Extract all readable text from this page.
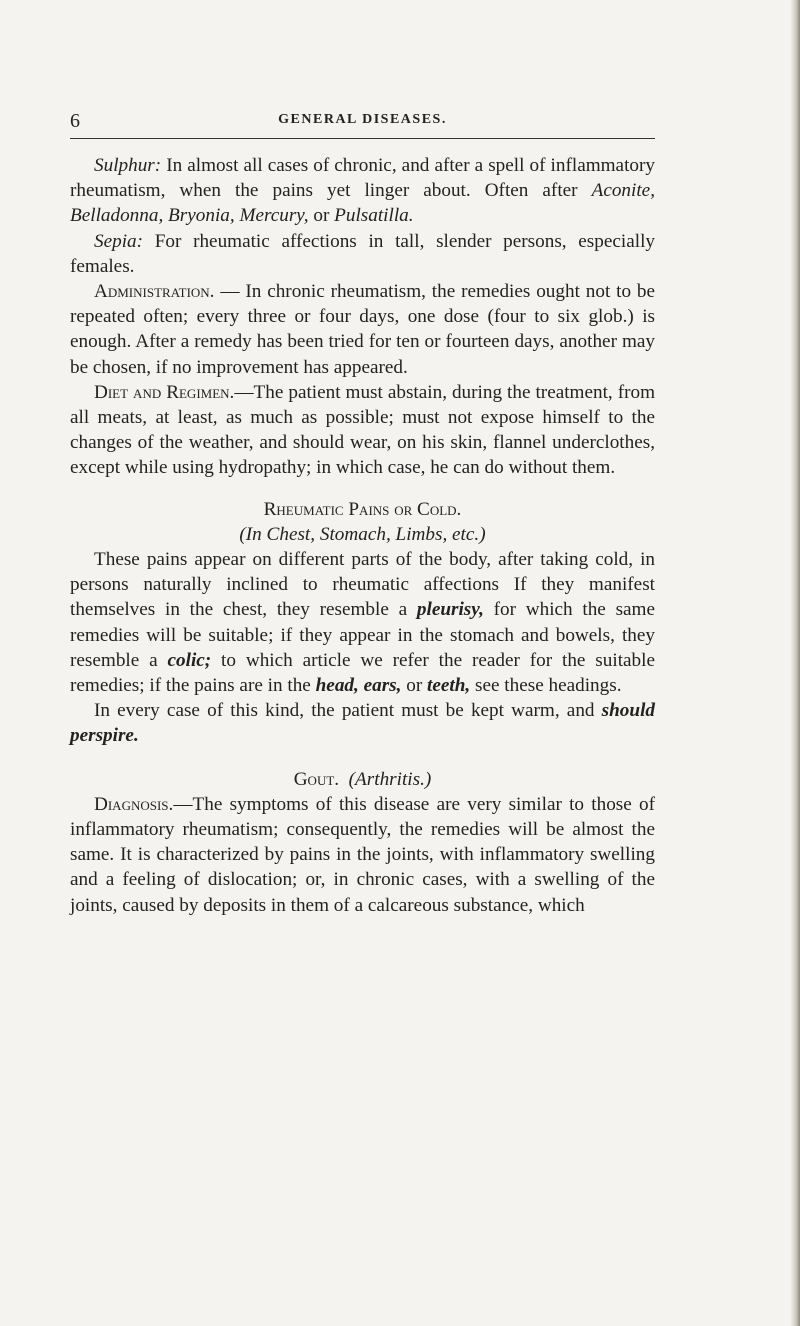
6	GENERAL DISEASES.

Sulphur: In almost all cases of chronic, and after a spell of inflammatory rheumatism, when the pains yet linger about. Often after Aconite, Belladonna, Bryonia, Mercury, or Pulsatilla.

Sepia: For rheumatic affections in tall, slender persons, especially females.

Administration. — In chronic rheumatism, the remedies ought not to be repeated often; every three or four days, one dose (four to six glob.) is enough. After a remedy has been tried for ten or fourteen days, another may be chosen, if no improvement has appeared.

Diet and Regimen.—The patient must abstain, during the treatment, from all meats, at least, as much as possible; must not expose himself to the changes of the weather, and should wear, on his skin, flannel underclothes, except while using hydropathy; in which case, he can do without them.

Rheumatic Pains or Cold.
(In Chest, Stomach, Limbs, etc.)

These pains appear on different parts of the body, after taking cold, in persons naturally inclined to rheumatic affections If they manifest themselves in the chest, they resemble a pleurisy, for which the same remedies will be suitable; if they appear in the stomach and bowels, they resemble a colic; to which article we refer the reader for the suitable remedies; if the pains are in the head, ears, or teeth, see these headings.

In every case of this kind, the patient must be kept warm, and should perspire.

Gout. (Arthritis.)

Diagnosis.—The symptoms of this disease are very similar to those of inflammatory rheumatism; consequently, the remedies will be almost the same. It is characterized by pains in the joints, with inflammatory swelling and a feeling of dislocation; or, in chronic cases, with a swelling of the joints, caused by deposits in them of a calcareous substance, which
